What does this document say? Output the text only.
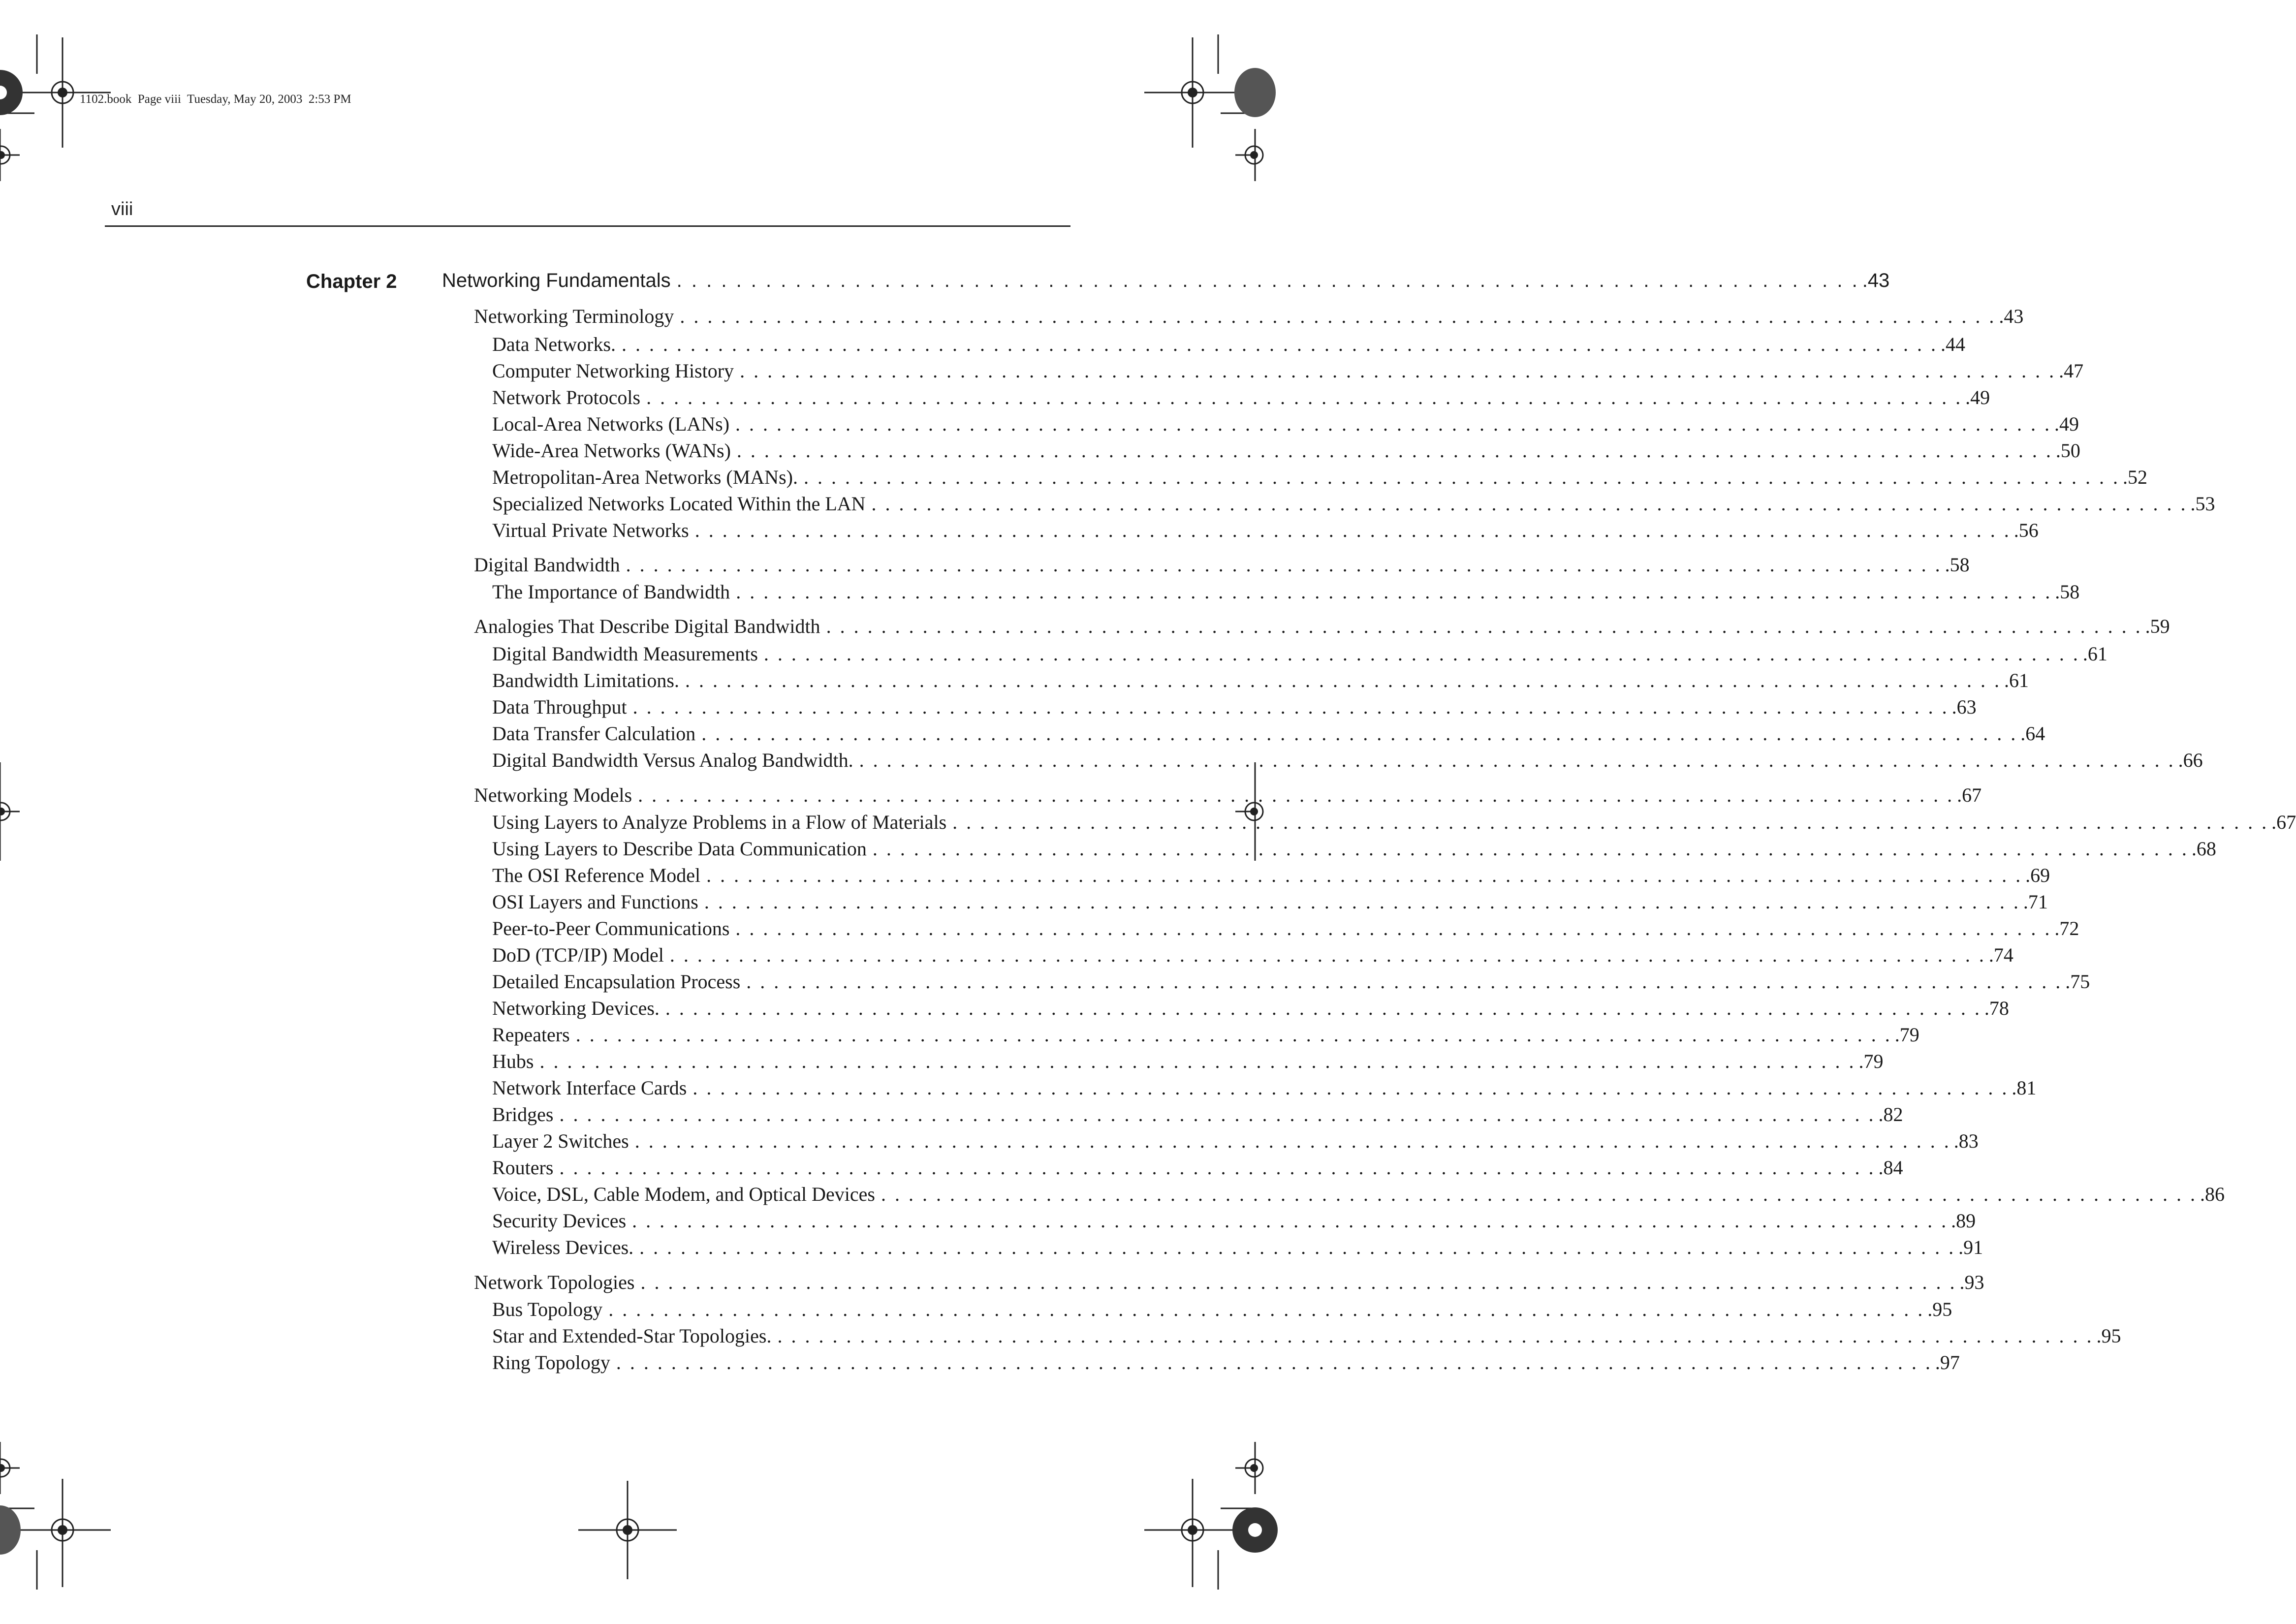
1102.book  Page viii  Tuesday, May 20, 2003  2:53 PM
viii
Chapter 2 Networking Fundamentals . . . . . . . . . . . . . . . . . . . . . . . . . . . . . . . . . . . . . . . . . . . . . . . . . . . . . . . . . . . . . . . . . . . . . . . . . . . . . . . . .43
Networking Terminology . . . . . . . . . . . . . . . . . . . . . . . . . . . . . . . . . . . . . . . . . . . . . . . . . . . . . . . . . . . . . . . . . . . . . . . . . . . . . . . . . . . . . . . . . . . . . . . . .43
Data Networks. . . . . . . . . . . . . . . . . . . . . . . . . . . . . . . . . . . . . . . . . . . . . . . . . . . . . . . . . . . . . . . . . . . . . . . . . . . . . . . . . . . . . . . . . . . . . . . . . .44
Computer Networking History . . . . . . . . . . . . . . . . . . . . . . . . . . . . . . . . . . . . . . . . . . . . . . . . . . . . . . . . . . . . . . . . . . . . . . . . . . . . . . . . . . . . . . . . . . . . . . . . .47
Network Protocols . . . . . . . . . . . . . . . . . . . . . . . . . . . . . . . . . . . . . . . . . . . . . . . . . . . . . . . . . . . . . . . . . . . . . . . . . . . . . . . . . . . . . . . . . . . . . . . . .49
Local-Area Networks (LANs) . . . . . . . . . . . . . . . . . . . . . . . . . . . . . . . . . . . . . . . . . . . . . . . . . . . . . . . . . . . . . . . . . . . . . . . . . . . . . . . . . . . . . . . . . . . . . . . . .49
Wide-Area Networks (WANs) . . . . . . . . . . . . . . . . . . . . . . . . . . . . . . . . . . . . . . . . . . . . . . . . . . . . . . . . . . . . . . . . . . . . . . . . . . . . . . . . . . . . . . . . . . . . . . . . .50
Metropolitan-Area Networks (MANs). . . . . . . . . . . . . . . . . . . . . . . . . . . . . . . . . . . . . . . . . . . . . . . . . . . . . . . . . . . . . . . . . . . . . . . . . . . . . . . . . . . . . . . . . . . . . . . . . .52
Specialized Networks Located Within the LAN . . . . . . . . . . . . . . . . . . . . . . . . . . . . . . . . . . . . . . . . . . . . . . . . . . . . . . . . . . . . . . . . . . . . . . . . . . . . . . . . . . . . . . . . . . . . . . . . .53
Virtual Private Networks . . . . . . . . . . . . . . . . . . . . . . . . . . . . . . . . . . . . . . . . . . . . . . . . . . . . . . . . . . . . . . . . . . . . . . . . . . . . . . . . . . . . . . . . . . . . . . . . .56
Digital Bandwidth . . . . . . . . . . . . . . . . . . . . . . . . . . . . . . . . . . . . . . . . . . . . . . . . . . . . . . . . . . . . . . . . . . . . . . . . . . . . . . . . . . . . . . . . . . . . . . . . .58
The Importance of Bandwidth . . . . . . . . . . . . . . . . . . . . . . . . . . . . . . . . . . . . . . . . . . . . . . . . . . . . . . . . . . . . . . . . . . . . . . . . . . . . . . . . . . . . . . . . . . . . . . . . .58
Analogies That Describe Digital Bandwidth . . . . . . . . . . . . . . . . . . . . . . . . . . . . . . . . . . . . . . . . . . . . . . . . . . . . . . . . . . . . . . . . . . . . . . . . . . . . . . . . . . . . . . . . . . . . . . . . .59
Digital Bandwidth Measurements . . . . . . . . . . . . . . . . . . . . . . . . . . . . . . . . . . . . . . . . . . . . . . . . . . . . . . . . . . . . . . . . . . . . . . . . . . . . . . . . . . . . . . . . . . . . . . . . .61
Bandwidth Limitations. . . . . . . . . . . . . . . . . . . . . . . . . . . . . . . . . . . . . . . . . . . . . . . . . . . . . . . . . . . . . . . . . . . . . . . . . . . . . . . . . . . . . . . . . . . . . . . . . .61
Data Throughput . . . . . . . . . . . . . . . . . . . . . . . . . . . . . . . . . . . . . . . . . . . . . . . . . . . . . . . . . . . . . . . . . . . . . . . . . . . . . . . . . . . . . . . . . . . . . . . . .63
Data Transfer Calculation . . . . . . . . . . . . . . . . . . . . . . . . . . . . . . . . . . . . . . . . . . . . . . . . . . . . . . . . . . . . . . . . . . . . . . . . . . . . . . . . . . . . . . . . . . . . . . . . .64
Digital Bandwidth Versus Analog Bandwidth. . . . . . . . . . . . . . . . . . . . . . . . . . . . . . . . . . . . . . . . . . . . . . . . . . . . . . . . . . . . . . . . . . . . . . . . . . . . . . . . . . . . . . . . . . . . . . . . . .66
Networking Models . . . . . . . . . . . . . . . . . . . . . . . . . . . . . . . . . . . . . . . . . . . . . . . . . . . . . . . . . . . . . . . . . . . . . . . . . . . . . . . . . . . . . . . . . . . . . . . . .67
Using Layers to Analyze Problems in a Flow of Materials . . . . . . . . . . . . . . . . . . . . . . . . . . . . . . . . . . . . . . . . . . . . . . . . . . . . . . . . . . . . . . . . . . . . . . . . . . . . . . . . . . . . . . . . . . . . . . . . .67
Using Layers to Describe Data Communication . . . . . . . . . . . . . . . . . . . . . . . . . . . . . . . . . . . . . . . . . . . . . . . . . . . . . . . . . . . . . . . . . . . . . . . . . . . . . . . . . . . . . . . . . . . . . . . . .68
The OSI Reference Model . . . . . . . . . . . . . . . . . . . . . . . . . . . . . . . . . . . . . . . . . . . . . . . . . . . . . . . . . . . . . . . . . . . . . . . . . . . . . . . . . . . . . . . . . . . . . . . . .69
OSI Layers and Functions . . . . . . . . . . . . . . . . . . . . . . . . . . . . . . . . . . . . . . . . . . . . . . . . . . . . . . . . . . . . . . . . . . . . . . . . . . . . . . . . . . . . . . . . . . . . . . . . .71
Peer-to-Peer Communications . . . . . . . . . . . . . . . . . . . . . . . . . . . . . . . . . . . . . . . . . . . . . . . . . . . . . . . . . . . . . . . . . . . . . . . . . . . . . . . . . . . . . . . . . . . . . . . . .72
DoD (TCP/IP) Model . . . . . . . . . . . . . . . . . . . . . . . . . . . . . . . . . . . . . . . . . . . . . . . . . . . . . . . . . . . . . . . . . . . . . . . . . . . . . . . . . . . . . . . . . . . . . . . . .74
Detailed Encapsulation Process . . . . . . . . . . . . . . . . . . . . . . . . . . . . . . . . . . . . . . . . . . . . . . . . . . . . . . . . . . . . . . . . . . . . . . . . . . . . . . . . . . . . . . . . . . . . . . . . .75
Networking Devices. . . . . . . . . . . . . . . . . . . . . . . . . . . . . . . . . . . . . . . . . . . . . . . . . . . . . . . . . . . . . . . . . . . . . . . . . . . . . . . . . . . . . . . . . . . . . . . . . .78
Repeaters . . . . . . . . . . . . . . . . . . . . . . . . . . . . . . . . . . . . . . . . . . . . . . . . . . . . . . . . . . . . . . . . . . . . . . . . . . . . . . . . . . . . . . . . . . . . . . . . .79
Hubs . . . . . . . . . . . . . . . . . . . . . . . . . . . . . . . . . . . . . . . . . . . . . . . . . . . . . . . . . . . . . . . . . . . . . . . . . . . . . . . . . . . . . . . . . . . . . . . . .79
Network Interface Cards . . . . . . . . . . . . . . . . . . . . . . . . . . . . . . . . . . . . . . . . . . . . . . . . . . . . . . . . . . . . . . . . . . . . . . . . . . . . . . . . . . . . . . . . . . . . . . . . .81
Bridges . . . . . . . . . . . . . . . . . . . . . . . . . . . . . . . . . . . . . . . . . . . . . . . . . . . . . . . . . . . . . . . . . . . . . . . . . . . . . . . . . . . . . . . . . . . . . . . . .82
Layer 2 Switches . . . . . . . . . . . . . . . . . . . . . . . . . . . . . . . . . . . . . . . . . . . . . . . . . . . . . . . . . . . . . . . . . . . . . . . . . . . . . . . . . . . . . . . . . . . . . . . . .83
Routers . . . . . . . . . . . . . . . . . . . . . . . . . . . . . . . . . . . . . . . . . . . . . . . . . . . . . . . . . . . . . . . . . . . . . . . . . . . . . . . . . . . . . . . . . . . . . . . . .84
Voice, DSL, Cable Modem, and Optical Devices . . . . . . . . . . . . . . . . . . . . . . . . . . . . . . . . . . . . . . . . . . . . . . . . . . . . . . . . . . . . . . . . . . . . . . . . . . . . . . . . . . . . . . . . . . . . . . . . .86
Security Devices . . . . . . . . . . . . . . . . . . . . . . . . . . . . . . . . . . . . . . . . . . . . . . . . . . . . . . . . . . . . . . . . . . . . . . . . . . . . . . . . . . . . . . . . . . . . . . . . .89
Wireless Devices. . . . . . . . . . . . . . . . . . . . . . . . . . . . . . . . . . . . . . . . . . . . . . . . . . . . . . . . . . . . . . . . . . . . . . . . . . . . . . . . . . . . . . . . . . . . . . . . . .91
Network Topologies . . . . . . . . . . . . . . . . . . . . . . . . . . . . . . . . . . . . . . . . . . . . . . . . . . . . . . . . . . . . . . . . . . . . . . . . . . . . . . . . . . . . . . . . . . . . . . . . .93
Bus Topology . . . . . . . . . . . . . . . . . . . . . . . . . . . . . . . . . . . . . . . . . . . . . . . . . . . . . . . . . . . . . . . . . . . . . . . . . . . . . . . . . . . . . . . . . . . . . . . . .95
Star and Extended-Star Topologies. . . . . . . . . . . . . . . . . . . . . . . . . . . . . . . . . . . . . . . . . . . . . . . . . . . . . . . . . . . . . . . . . . . . . . . . . . . . . . . . . . . . . . . . . . . . . . . . . .95
Ring Topology . . . . . . . . . . . . . . . . . . . . . . . . . . . . . . . . . . . . . . . . . . . . . . . . . . . . . . . . . . . . . . . . . . . . . . . . . . . . . . . . . . . . . . . . . . . . . . . . .97
